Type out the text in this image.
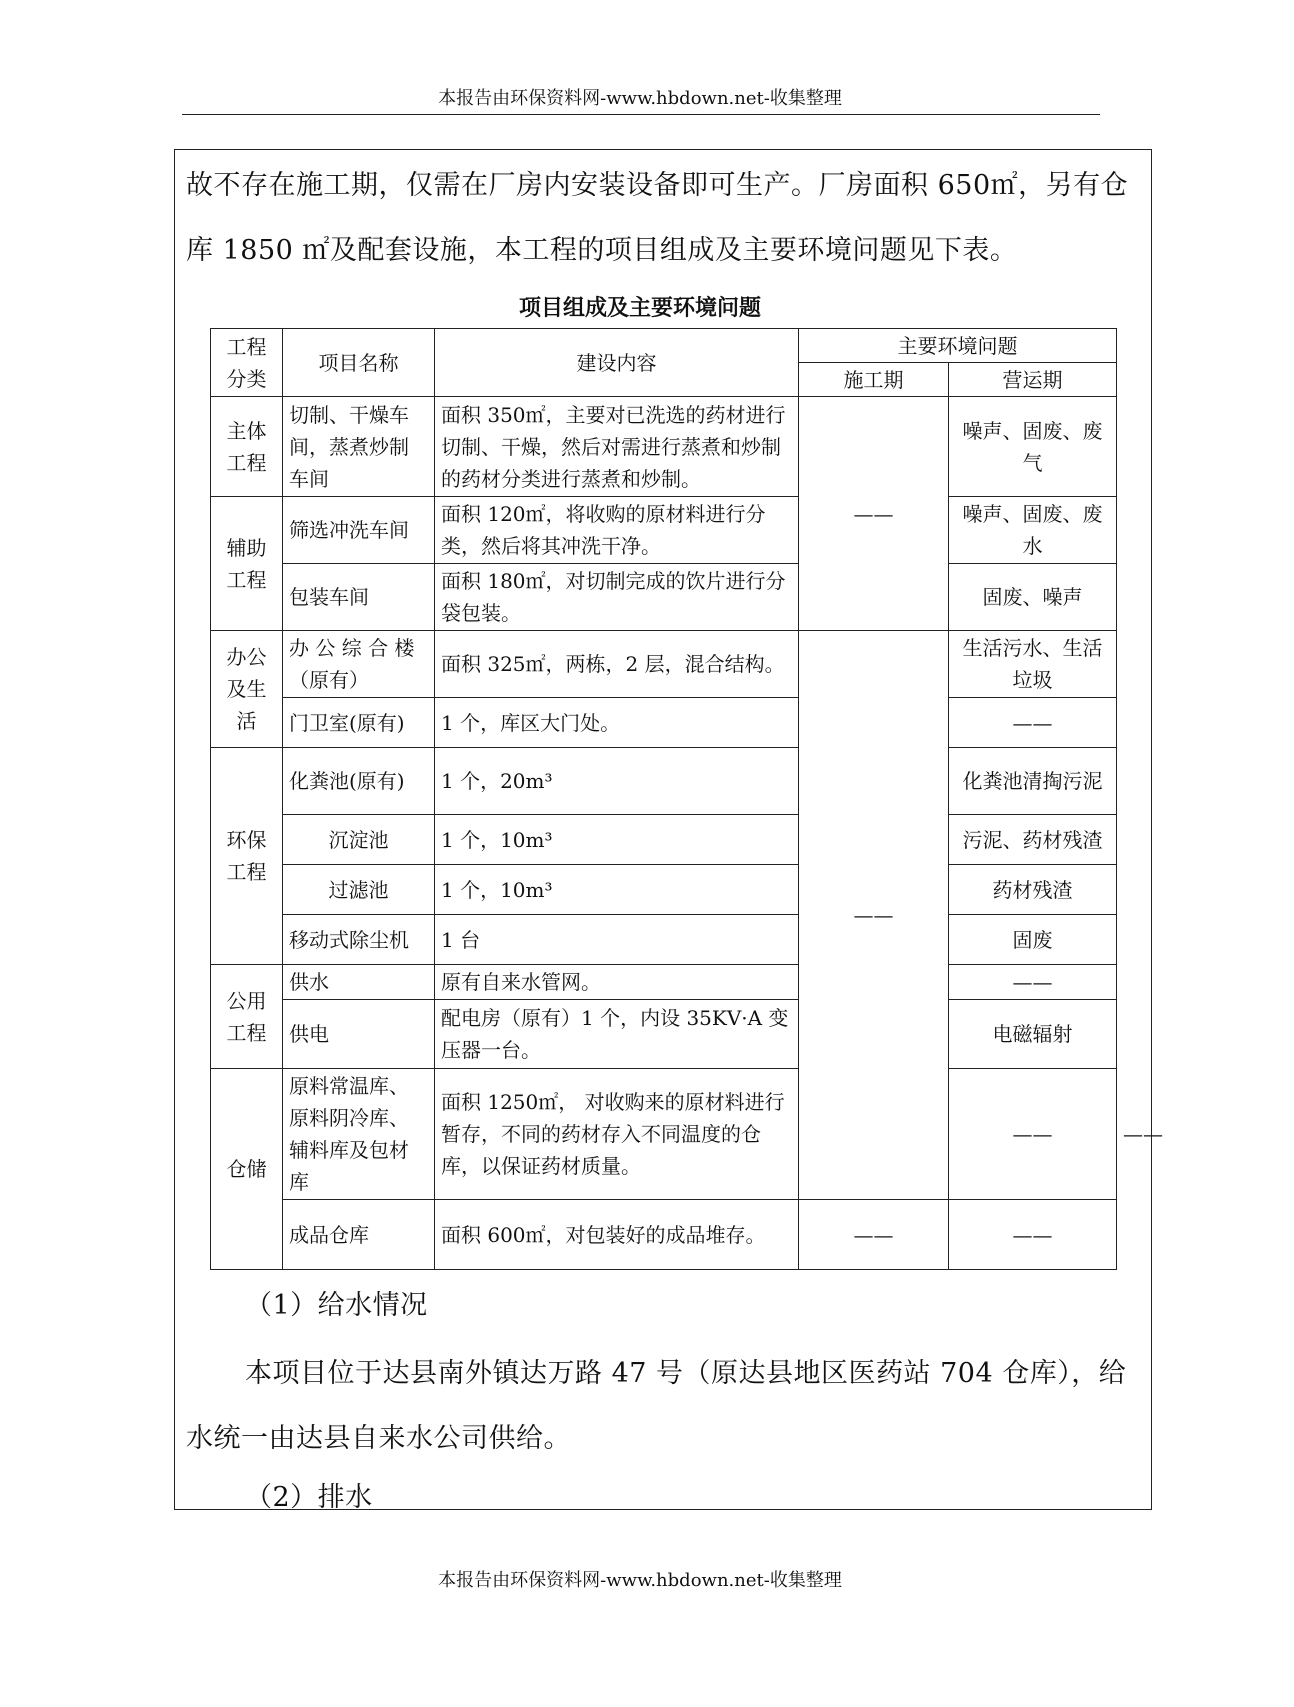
本报告由环保资料网-www.hbdown.net-收集整理
故不存在施工期，仅需在厂房内安装设备即可生产。厂房面积 650㎡，另有仓
库 1850 ㎡及配套设施，本工程的项目组成及主要环境问题见下表。
项目组成及主要环境问题
工程分类	项目名称	建设内容	主要环境问题		
			施工期	营运期	
主体工程	切制、干燥车间，蒸煮炒制车间	面积 350㎡，主要对已洗选的药材进行切制、干燥，然后对需进行蒸煮和炒制的药材分类进行蒸煮和炒制。	——	噪声、固废、废气	
辅助工程	筛选冲洗车间	面积 120㎡，将收购的原材料进行分类，然后将其冲洗干净。		噪声、固废、废水	
	包装车间	面积 180㎡，对切制完成的饮片进行分袋包装。		固废、噪声	
办公及生活	办 公 综 合 楼（原有）	面积 325㎡，两栋，2 层，混合结构。	——	生活污水、生活垃圾	
	门卫室(原有)	1 个，库区大门处。		——	
环保工程	化粪池(原有)	1 个，20m³		化粪池清掏污泥	
	沉淀池	1 个，10m³		污泥、药材残渣	
	过滤池	1 个，10m³		药材残渣	
	移动式除尘机	1 台		固废	
公用工程	供水	原有自来水管网。		——	
	供电	配电房（原有）1 个，内设 35KV·A 变压器一台。		电磁辐射	
仓储	原料常温库、原料阴冷库、辅料库及包材库	面积 1250㎡， 对收购来的原材料进行暂存，不同的药材存入不同温度的仓库，以保证药材质量。		——	——
	成品仓库	面积 600㎡，对包装好的成品堆存。	——	——	
（1）给水情况
本项目位于达县南外镇达万路 47 号（原达县地区医药站 704 仓库），给
水统一由达县自来水公司供给。
（2）排水
本报告由环保资料网-www.hbdown.net-收集整理
